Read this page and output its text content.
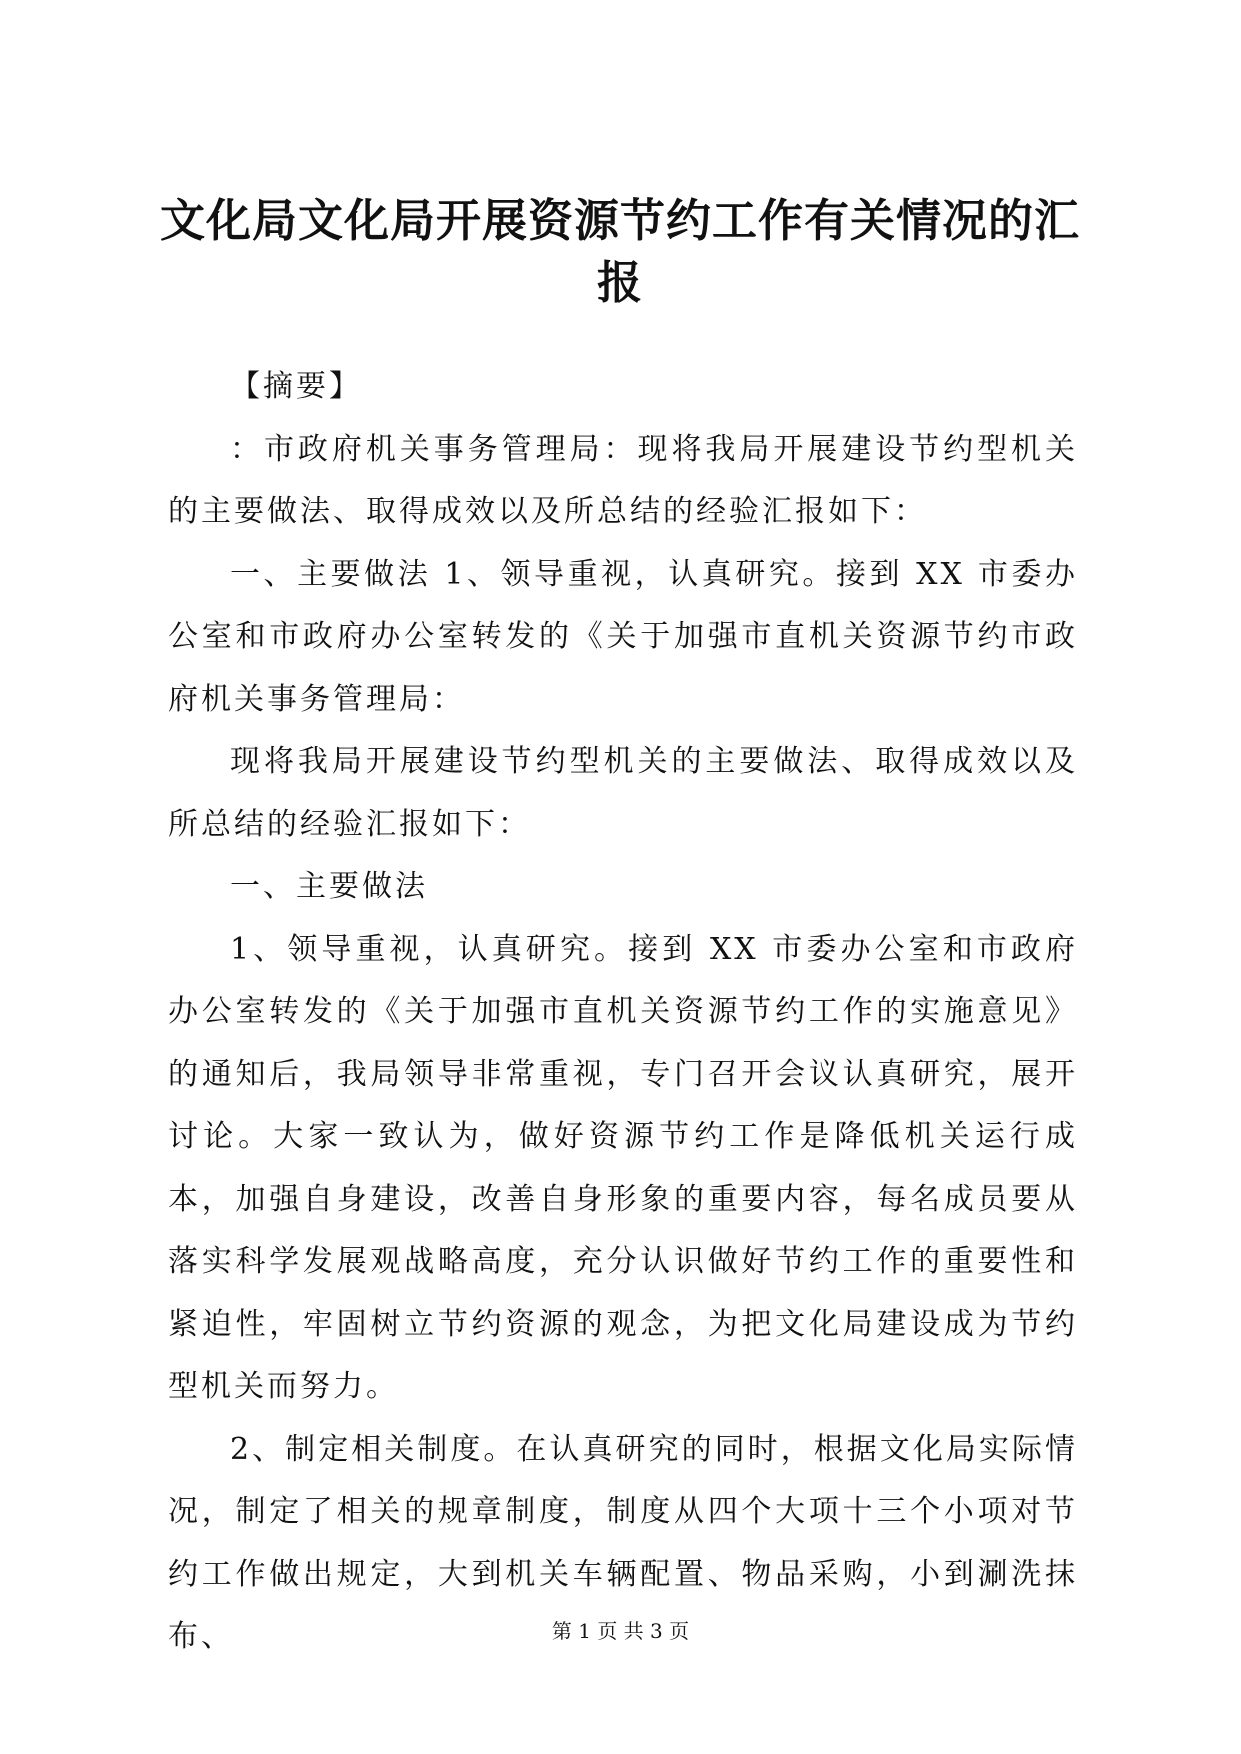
文化局文化局开展资源节约工作有关情况的汇报

【摘要】

：市政府机关事务管理局：现将我局开展建设节约型机关的主要做法、取得成效以及所总结的经验汇报如下：

一、主要做法 1、领导重视，认真研究。接到 XX 市委办公室和市政府办公室转发的《关于加强市直机关资源节约市政府机关事务管理局：

现将我局开展建设节约型机关的主要做法、取得成效以及所总结的经验汇报如下：

一、主要做法

1、领导重视，认真研究。接到 XX 市委办公室和市政府办公室转发的《关于加强市直机关资源节约工作的实施意见》的通知后，我局领导非常重视，专门召开会议认真研究，展开讨论。大家一致认为，做好资源节约工作是降低机关运行成本，加强自身建设，改善自身形象的重要内容，每名成员要从落实科学发展观战略高度，充分认识做好节约工作的重要性和紧迫性，牢固树立节约资源的观念，为把文化局建设成为节约型机关而努力。

2、制定相关制度。在认真研究的同时，根据文化局实际情况，制定了相关的规章制度，制度从四个大项十三个小项对节约工作做出规定，大到机关车辆配置、物品采购，小到涮洗抹布、	第 1 页 共 3 页
